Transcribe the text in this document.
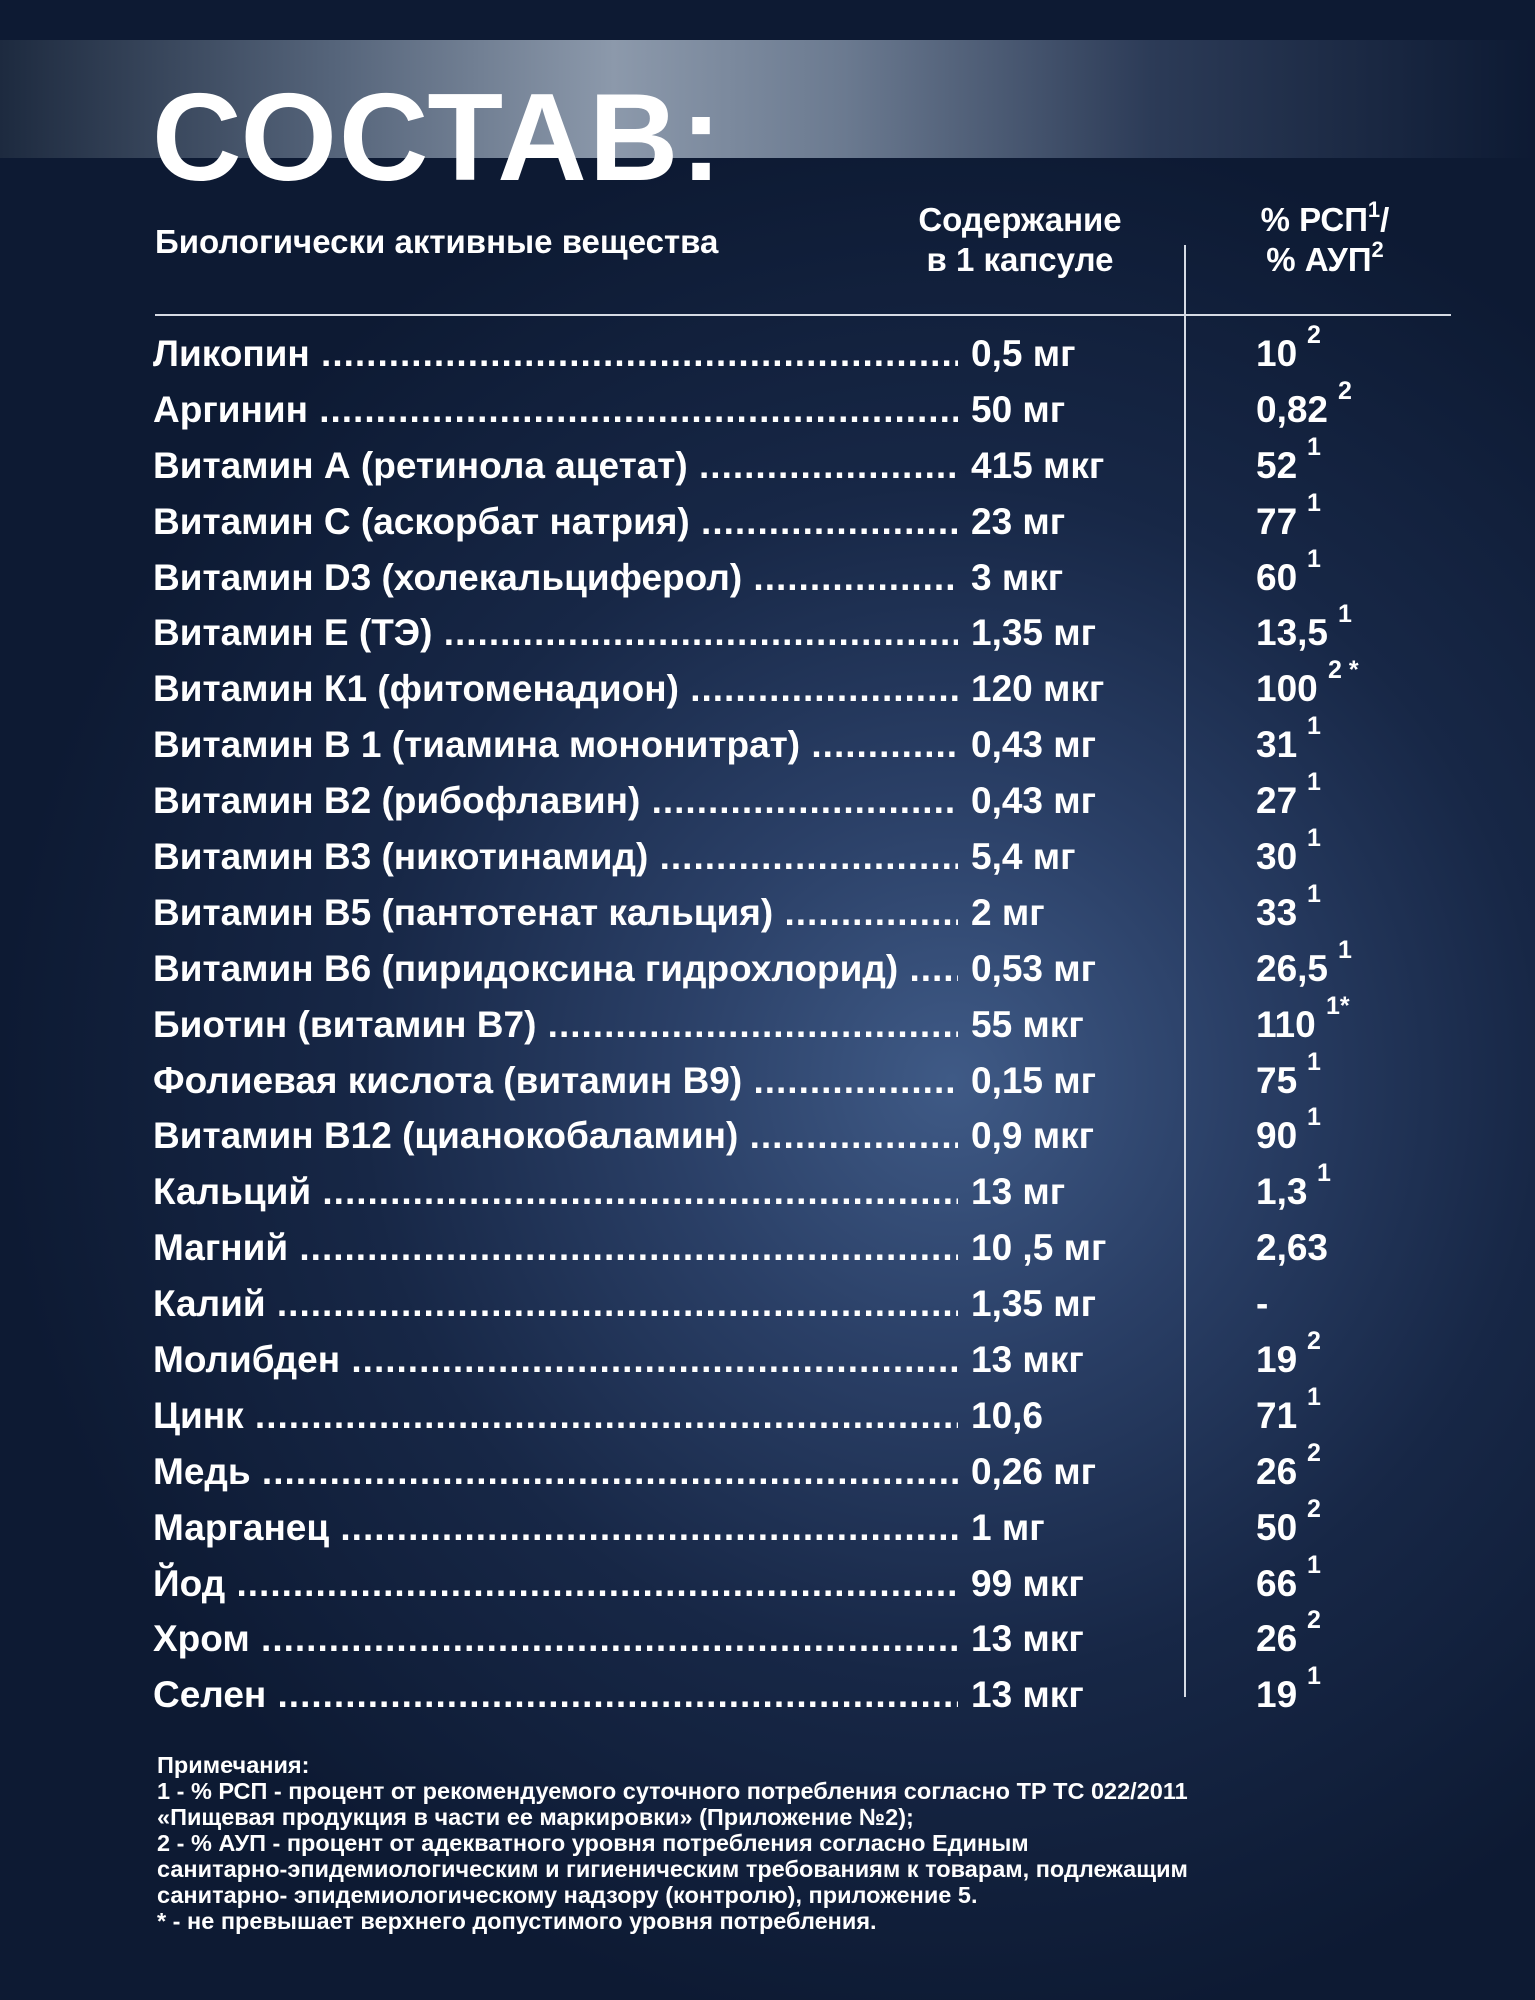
СОСТАВ:
Биологически активные вещества
Содержание
в 1 капсуле
% РСП$^1$/
% АУП$^2$
Ликопин .....	0,5 мг	10 2
Аргинин .....	50 мг	0,82 2
Витамин А (ретинола ацетат) .....	415 мкг	52 1
Витамин С (аскорбат натрия) .....	23 мг	77 1
Витамин D3 (холекальциферол) .....	3 мкг	60 1
Витамин Е (ТЭ) .....	1,35 мг	13,5 1
Витамин К1 (фитоменадион) .....	120 мкг	100 2 *
Витамин В 1 (тиамина мононитрат) .....	0,43 мг	31 1
Витамин В2 (рибофлавин) .....	0,43 мг	27 1
Витамин В3 (никотинамид) .....	5,4 мг	30 1
Витамин В5 (пантотенат кальция) .....	2 мг	33 1
Витамин В6 (пиридоксина гидрохлорид) .....	0,53 мг	26,5 1
Биотин (витамин В7) .....	55 мкг	110 1*
Фолиевая кислота (витамин В9) .....	0,15 мг	75 1
Витамин В12 (цианокобаламин) .....	0,9 мкг	90 1
Кальций .....	13 мг	1,3 1
Магний .....	10 ,5 мг	2,63
Калий .....	1,35 мг	-
Молибден .....	13 мкг	19 2
Цинк .....	10,6	71 1
Медь .....	0,26 мг	26 2
Марганец .....	1 мг	50 2
Йод .....	99 мкг	66 1
Хром .....	13 мкг	26 2
Селен .....	13 мкг	19 1
Примечания:
1 - % РСП - процент от рекомендуемого суточного потребления согласно ТР ТС 022/2011
«Пищевая продукция в части ее маркировки» (Приложение №2);
2 - % АУП - процент от адекватного уровня потребления согласно Единым
санитарно-эпидемиологическим и гигиеническим требованиям к товарам, подлежащим
санитарно- эпидемиологическому надзору (контролю), приложение 5.
* - не превышает верхнего допустимого уровня потребления.
